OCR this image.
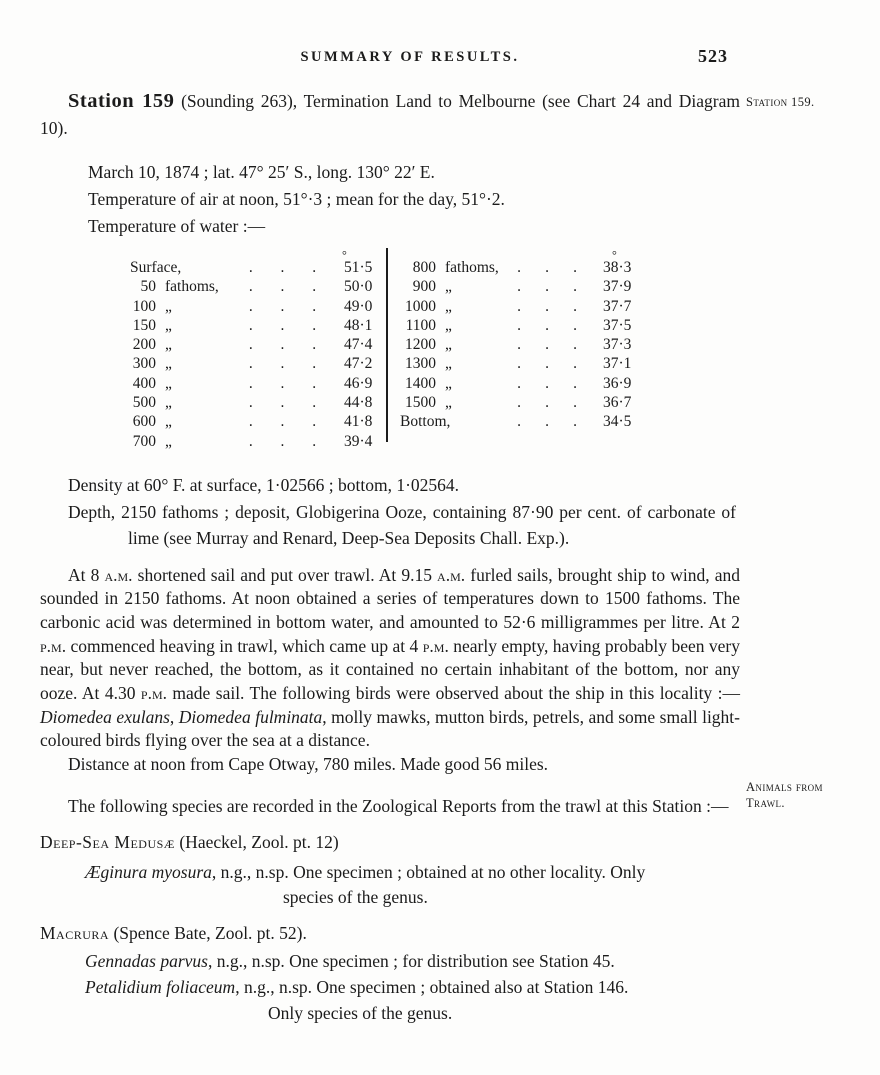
SUMMARY OF RESULTS.	523
Station 159.
Animals from Trawl.

Station 159 (Sounding 263), Termination Land to Melbourne (see Chart 24 and Diagram 10).

March 10, 1874 ; lat. 47° 25′ S., long. 130° 22′ E.
Temperature of air at noon, 51°·3 ; mean for the day, 51°·2.
Temperature of water :—
°
Surface,	. . . 51·5
50 fathoms,	. . . 50·0
100 „	. . . 49·0
150 „	. . . 48·1
200 „	. . . 47·4
300 „	. . . 47·2
400 „	. . . 46·9
500 „	. . . 44·8
600 „	. . . 41·8
700 „	. . . 39·4
°
800 fathoms, . . . 38·3
900 „	. . . 37·9
1000 „	. . . 37·7
1100 „	. . . 37·5
1200 „	. . . 37·3
1300 „	. . . 37·1
1400 „	. . . 36·9
1500 „	. . . 36·7
Bottom,	. . . 34·5
Density at 60° F. at surface, 1·02566 ; bottom, 1·02564.
Depth, 2150 fathoms ; deposit, Globigerina Ooze, containing 87·90 per cent. of carbonate of lime (see Murray and Renard, Deep-Sea Deposits Chall. Exp.).

At 8 a.m. shortened sail and put over trawl. At 9.15 a.m. furled sails, brought ship to wind, and sounded in 2150 fathoms. At noon obtained a series of temperatures down to 1500 fathoms. The carbonic acid was determined in bottom water, and amounted to 52·6 milligrammes per litre. At 2 p.m. commenced heaving in trawl, which came up at 4 p.m. nearly empty, having probably been very near, but never reached, the bottom, as it contained no certain inhabitant of the bottom, nor any ooze. At 4.30 p.m. made sail. The following birds were observed about the ship in this locality :—Diomedea exulans, Diomedea fulminata, molly mawks, mutton birds, petrels, and some small light-coloured birds flying over the sea at a distance.

Distance at noon from Cape Otway, 780 miles. Made good 56 miles.

The following species are recorded in the Zoological Reports from the trawl at this Station :—

Deep-Sea Medusæ (Haeckel, Zool. pt. 12)
Æginura myosura, n.g., n.sp. One specimen ; obtained at no other locality. Only
species of the genus.
Macrura (Spence Bate, Zool. pt. 52).
Gennadas parvus, n.g., n.sp. One specimen ; for distribution see Station 45.
Petalidium foliaceum, n.g., n.sp. One specimen ; obtained also at Station 146.
Only species of the genus.
